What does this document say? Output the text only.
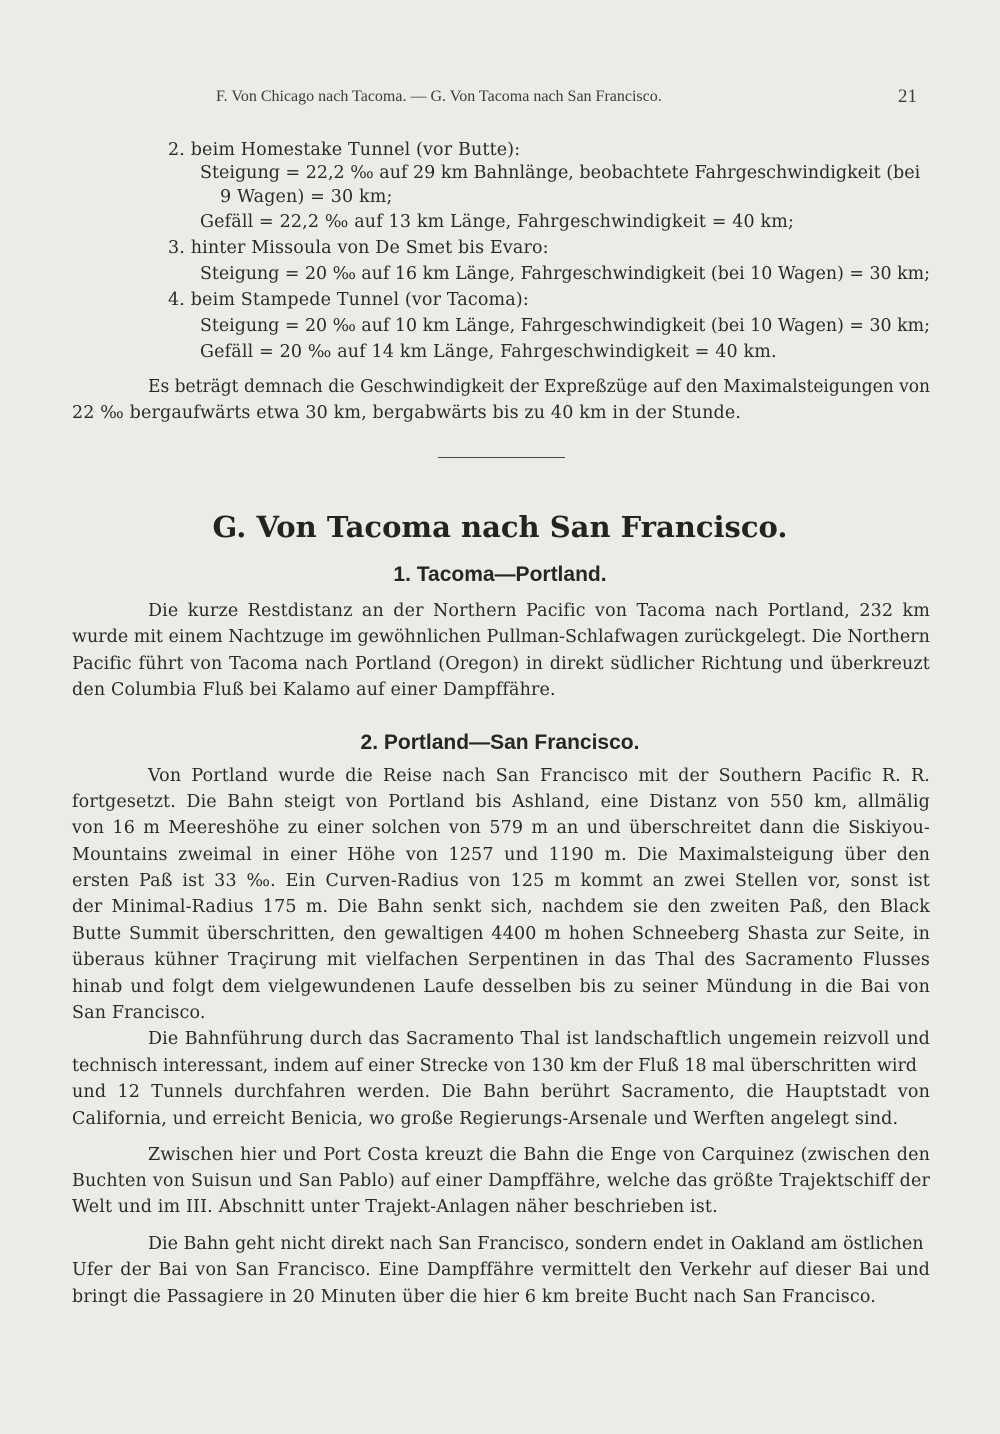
F. Von Chicago nach Tacoma. — G. Von Tacoma nach San Francisco.	21
2. beim Homestake Tunnel (vor Butte):
Steigung = 22,2 ‰ auf 29 km Bahnlänge, beobachtete Fahrgeschwindigkeit (bei
9 Wagen) = 30 km;
Gefäll = 22,2 ‰ auf 13 km Länge, Fahrgeschwindigkeit = 40 km;
3. hinter Missoula von De Smet bis Evaro:
Steigung = 20 ‰ auf 16 km Länge, Fahrgeschwindigkeit (bei 10 Wagen) = 30 km;
4. beim Stampede Tunnel (vor Tacoma):
Steigung = 20 ‰ auf 10 km Länge, Fahrgeschwindigkeit (bei 10 Wagen) = 30 km;
Gefäll = 20 ‰ auf 14 km Länge, Fahrgeschwindigkeit = 40 km.
Es beträgt demnach die Geschwindigkeit der Expreßzüge auf den Maximalsteigungen von
22 ‰ bergaufwärts etwa 30 km, bergabwärts bis zu 40 km in der Stunde.
G. Von Tacoma nach San Francisco.
1. Tacoma—Portland.
Die kurze Restdistanz an der Northern Pacific von Tacoma nach Portland, 232 km
wurde mit einem Nachtzuge im gewöhnlichen Pullman-Schlafwagen zurückgelegt. Die Northern
Pacific führt von Tacoma nach Portland (Oregon) in direkt südlicher Richtung und überkreuzt
den Columbia Fluß bei Kalamo auf einer Dampffähre.
2. Portland—San Francisco.
Von Portland wurde die Reise nach San Francisco mit der Southern Pacific R. R.
fortgesetzt. Die Bahn steigt von Portland bis Ashland, eine Distanz von 550 km, allmälig
von 16 m Meereshöhe zu einer solchen von 579 m an und überschreitet dann die Siskiyou-
Mountains zweimal in einer Höhe von 1257 und 1190 m. Die Maximalsteigung über den
ersten Paß ist 33 ‰. Ein Curven-Radius von 125 m kommt an zwei Stellen vor, sonst ist
der Minimal-Radius 175 m. Die Bahn senkt sich, nachdem sie den zweiten Paß, den Black
Butte Summit überschritten, den gewaltigen 4400 m hohen Schneeberg Shasta zur Seite, in
überaus kühner Traçirung mit vielfachen Serpentinen in das Thal des Sacramento Flusses
hinab und folgt dem vielgewundenen Laufe desselben bis zu seiner Mündung in die Bai von
San Francisco.
Die Bahnführung durch das Sacramento Thal ist landschaftlich ungemein reizvoll und
technisch interessant, indem auf einer Strecke von 130 km der Fluß 18 mal überschritten wird
und 12 Tunnels durchfahren werden. Die Bahn berührt Sacramento, die Hauptstadt von
California, und erreicht Benicia, wo große Regierungs-Arsenale und Werften angelegt sind.
Zwischen hier und Port Costa kreuzt die Bahn die Enge von Carquinez (zwischen den
Buchten von Suisun und San Pablo) auf einer Dampffähre, welche das größte Trajektschiff der
Welt und im III. Abschnitt unter Trajekt-Anlagen näher beschrieben ist.
Die Bahn geht nicht direkt nach San Francisco, sondern endet in Oakland am östlichen
Ufer der Bai von San Francisco. Eine Dampffähre vermittelt den Verkehr auf dieser Bai und
bringt die Passagiere in 20 Minuten über die hier 6 km breite Bucht nach San Francisco.
